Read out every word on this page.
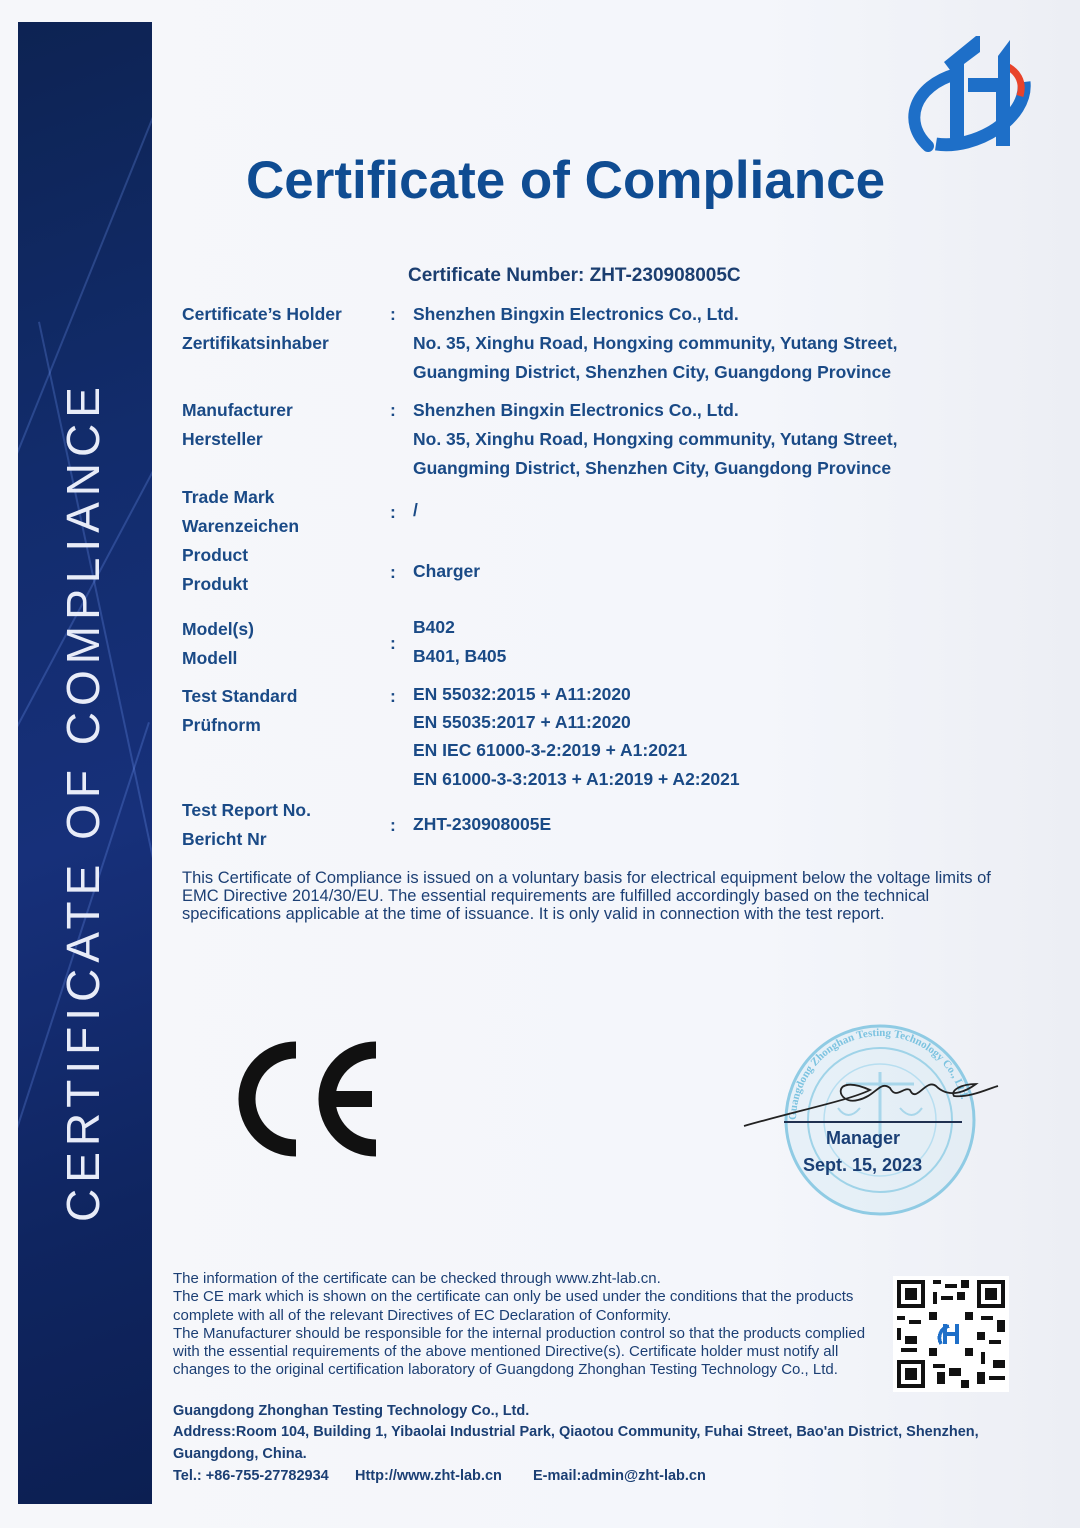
CERTIFICATE OF COMPLIANCE
Certificate of Compliance
Certificate Number: ZHT-230908005C
Certificate’s Holder
Zertifikatsinhaber
: Shenzhen Bingxin Electronics Co., Ltd.
No. 35, Xinghu Road, Hongxing community, Yutang Street,
Guangming District, Shenzhen City, Guangdong Province
Manufacturer
Hersteller
: Shenzhen Bingxin Electronics Co., Ltd.
No. 35, Xinghu Road, Hongxing community, Yutang Street,
Guangming District, Shenzhen City, Guangdong Province
Trade Mark
Warenzeichen
: /
Product
Produkt
: Charger
Model(s)
Modell
:
B402
B401, B405
Test Standard
Prüfnorm
: EN 55032:2015 + A11:2020
EN 55035:2017 + A11:2020
EN IEC 61000-3-2:2019 + A1:2021
EN 61000-3-3:2013 + A1:2019 + A2:2021
Test Report No.
Bericht Nr
: ZHT-230908005E
This Certificate of Compliance is issued on a voluntary basis for electrical equipment below the voltage limits of EMC Directive 2014/30/EU. The essential requirements are fulfilled accordingly based on the technical specifications applicable at the time of issuance. It is only valid in connection with the test report.
Guangdong Zhonghan Testing Technology Co., Ltd.
Manager
Sept. 15, 2023
The information of the certificate can be checked through www.zht-lab.cn.
The CE mark which is shown on the certificate can only be used under the conditions that the products complete with all of the relevant Directives of EC Declaration of Conformity.
The Manufacturer should be responsible for the internal production control so that the products complied with the essential requirements of the above mentioned Directive(s). Certificate holder must notify all changes to the original certification laboratory of Guangdong Zhonghan Testing Technology Co., Ltd.
Guangdong Zhonghan Testing Technology Co., Ltd.
Address:Room 104, Building 1, Yibaolai Industrial Park, Qiaotou Community, Fuhai Street, Bao'an District, Shenzhen,
Guangdong, China.
Tel.: +86-755-27782934 Http://www.zht-lab.cn E-mail:admin@zht-lab.cn
